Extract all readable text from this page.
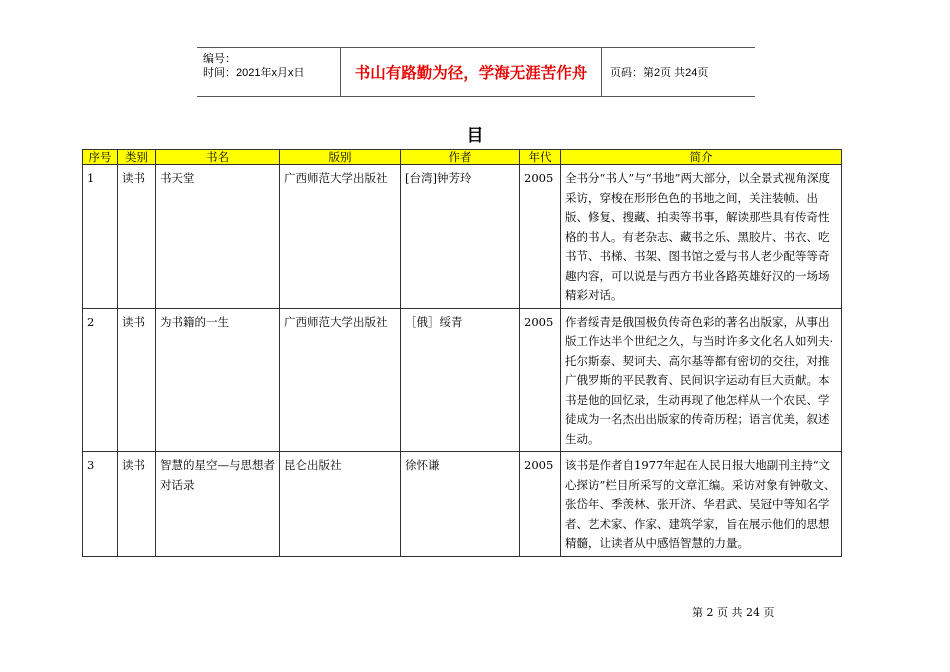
编号：
时间：2021年x月x日	书山有路勤为径，学海无涯苦作舟	页码：第2页 共24页
目
序号	类别	书名	版别	作者	年代	简介
1	读书	书天堂	广西师范大学出版社	[台湾]钟芳玲	2005	全书分“书人”与“书地”两大部分，以全景式视角深度采访，穿梭在形形色色的书地之间，关注装帧、出版、修复、搜藏、拍卖等书事，解读那些具有传奇性格的书人。有老杂志、藏书之乐、黑胶片、书衣、吃书节、书梯、书架、图书馆之爱与书人老少配等等奇趣内容，可以说是与西方书业各路英雄好汉的一场场精彩对话。
2	读书	为书籍的一生	广西师范大学出版社	［俄］绥青	2005	作者绥青是俄国极负传奇色彩的著名出版家，从事出版工作达半个世纪之久，与当时许多文化名人如列夫·托尔斯泰、契诃夫、高尔基等都有密切的交往，对推广俄罗斯的平民教育、民间识字运动有巨大贡献。本书是他的回忆录，生动再现了他怎样从一个农民、学徒成为一名杰出出版家的传奇历程；语言优美，叙述生动。
3	读书	智慧的星空—与思想者对话录	昆仑出版社	徐怀谦	2005	该书是作者自1977年起在人民日报大地副刊主持“文心探访”栏目所采写的文章汇编。采访对象有钟敬文、张岱年、季羡林、张开济、华君武、吴冠中等知名学者、艺术家、作家、建筑学家，旨在展示他们的思想精髓，让读者从中感悟智慧的力量。
第 2 页 共 24 页
